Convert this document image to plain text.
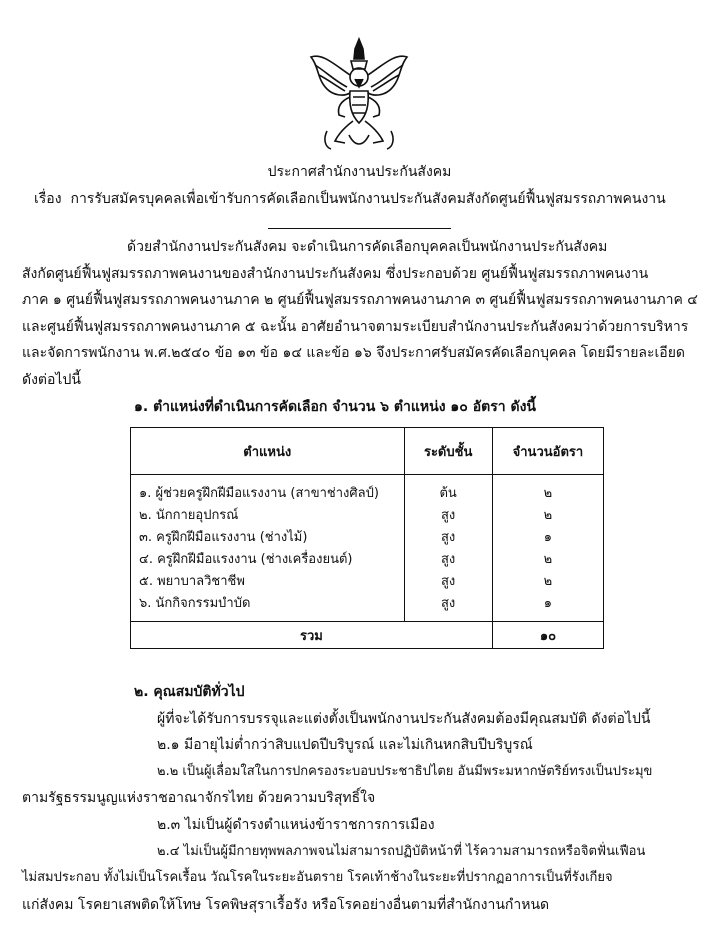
ประกาศสำนักงานประกันสังคม
เรื่อง การรับสมัครบุคคลเพื่อเข้ารับการคัดเลือกเป็นพนักงานประกันสังคมสังกัดศูนย์ฟื้นฟูสมรรถภาพคนงาน
ด้วยสำนักงานประกันสังคม จะดำเนินการคัดเลือกบุคคลเป็นพนักงานประกันสังคม
สังกัดศูนย์ฟื้นฟูสมรรถภาพคนงานของสำนักงานประกันสังคม ซึ่งประกอบด้วย ศูนย์ฟื้นฟูสมรรถภาพคนงาน
ภาค ๑ ศูนย์ฟื้นฟูสมรรถภาพคนงานภาค ๒ ศูนย์ฟื้นฟูสมรรถภาพคนงานภาค ๓ ศูนย์ฟื้นฟูสมรรถภาพคนงานภาค ๔
และศูนย์ฟื้นฟูสมรรถภาพคนงานภาค ๕ ฉะนั้น อาศัยอำนาจตามระเบียบสำนักงานประกันสังคมว่าด้วยการบริหาร
และจัดการพนักงาน พ.ศ.๒๕๔๐ ข้อ ๑๓ ข้อ ๑๔ และข้อ ๑๖ จึงประกาศรับสมัครคัดเลือกบุคคล โดยมีรายละเอียด
ดังต่อไปนี้
๑. ตำแหน่งที่ดำเนินการคัดเลือก จำนวน ๖ ตำแหน่ง ๑๐ อัตรา ดังนี้
ตำแหน่ง	ระดับชั้น	จำนวนอัตรา
๑. ผู้ช่วยครูฝึกฝีมือแรงงาน (สาขาช่างศิลป์)	ต้น	๒
๒. นักกายอุปกรณ์	สูง	๒
๓. ครูฝึกฝีมือแรงงาน (ช่างไม้)	สูง	๑
๔. ครูฝึกฝีมือแรงงาน (ช่างเครื่องยนต์)	สูง	๒
๕. พยาบาลวิชาชีพ	สูง	๒
๖. นักกิจกรรมบำบัด	สูง	๑
รวม		๑๐
๒. คุณสมบัติทั่วไป
ผู้ที่จะได้รับการบรรจุและแต่งตั้งเป็นพนักงานประกันสังคมต้องมีคุณสมบัติ ดังต่อไปนี้
๒.๑ มีอายุไม่ต่ำกว่าสิบแปดปีบริบูรณ์ และไม่เกินหกสิบปีบริบูรณ์
๒.๒ เป็นผู้เลื่อมใสในการปกครองระบอบประชาธิปไตย อันมีพระมหากษัตริย์ทรงเป็นประมุข
ตามรัฐธรรมนูญแห่งราชอาณาจักรไทย ด้วยความบริสุทธิ์ใจ
๒.๓ ไม่เป็นผู้ดำรงตำแหน่งข้าราชการการเมือง
๒.๔ ไม่เป็นผู้มีกายทุพพลภาพจนไม่สามารถปฏิบัติหน้าที่ ไร้ความสามารถหรือจิตฟั่นเฟือน
ไม่สมประกอบ ทั้งไม่เป็นโรคเรื้อน วัณโรคในระยะอันตราย โรคเท้าช้างในระยะที่ปรากฏอาการเป็นที่รังเกียจ
แก่สังคม โรคยาเสพติดให้โทษ โรคพิษสุราเรื้อรัง หรือโรคอย่างอื่นตามที่สำนักงานกำหนด
